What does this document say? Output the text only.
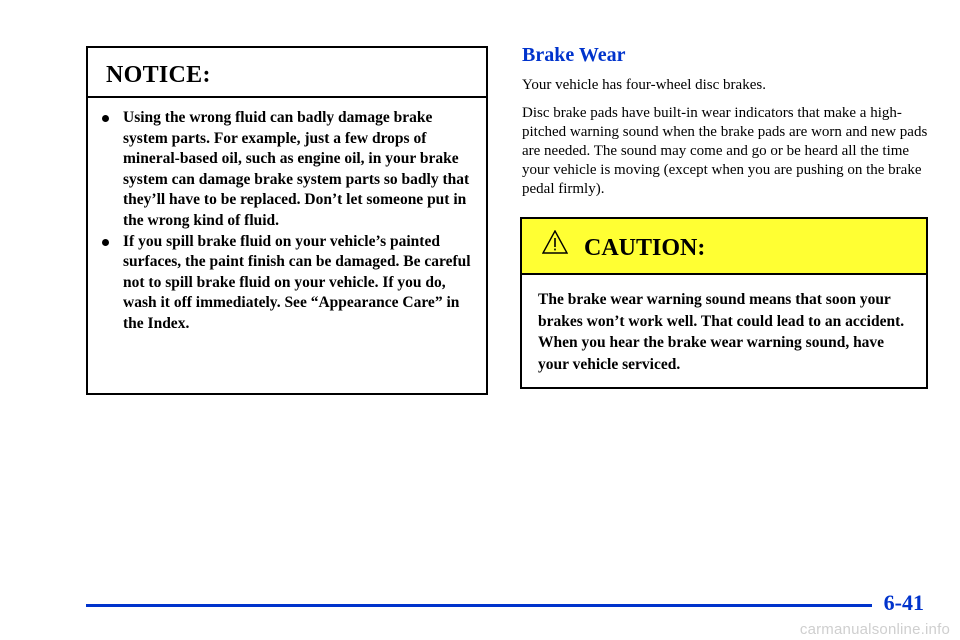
NOTICE:
Using the wrong fluid can badly damage brake system parts. For example, just a few drops of mineral-based oil, such as engine oil, in your brake system can damage brake system parts so badly that they’ll have to be replaced. Don’t let someone put in the wrong kind of fluid.
If you spill brake fluid on your vehicle’s painted surfaces, the paint finish can be damaged. Be careful not to spill brake fluid on your vehicle. If you do, wash it off immediately. See “Appearance Care” in the Index.
Brake Wear

Your vehicle has four-wheel disc brakes.

Disc brake pads have built-in wear indicators that make a high-pitched warning sound when the brake pads are worn and new pads are needed. The sound may come and go or be heard all the time your vehicle is moving (except when you are pushing on the brake pedal firmly).

CAUTION:

The brake wear warning sound means that soon your brakes won’t work well. That could lead to an accident. When you hear the brake wear warning sound, have your vehicle serviced.

6-41
carmanualsonline.info
